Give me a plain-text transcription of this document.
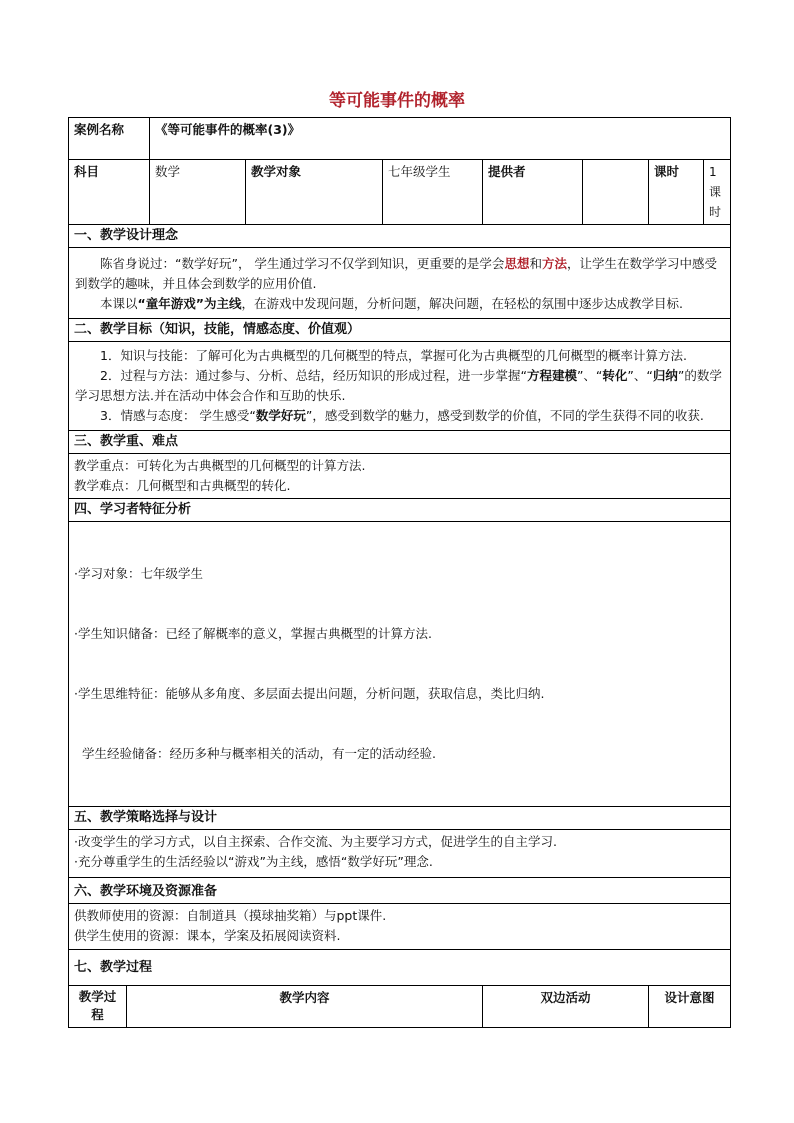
等可能事件的概率
案例名称		《等可能事件的概率(3)》						
科目		数学	教学对象	七年级学生	提供者		课时	1课时
一、教学设计理念								

陈省身说过：“数学好玩”， 学生通过学习不仅学到知识，更重要的是学会思想和方法，让学生在数学学习中感受到数学的趣味，并且体会到数学的应用价值.

本课以“童年游戏”为主线，在游戏中发现问题，分析问题，解决问题，在轻松的氛围中逐步达成教学目标.								

二、教学目标（知识，技能，情感态度、价值观）								

1．知识与技能：了解可化为古典概型的几何概型的特点，掌握可化为古典概型的几何概型的概率计算方法.

2．过程与方法：通过参与、分析、总结，经历知识的形成过程，进一步掌握“方程建模”、“转化”、“归纳”的数学学习思想方法.并在活动中体会合作和互助的快乐.

3．情感与态度： 学生感受“数学好玩”，感受到数学的魅力，感受到数学的价值，不同的学生获得不同的收获.								

三、教学重、难点								

教学重点：可转化为古典概型的几何概型的计算方法.
教学难点：几何概型和古典概型的转化.								

四、学习者特征分析								

·学习对象：七年级学生

·学生知识储备：已经了解概率的意义，掌握古典概型的计算方法.

·学生思维特征：能够从多角度、多层面去提出问题，分析问题，获取信息，类比归纳.

学生经验储备：经历多种与概率相关的活动，有一定的活动经验.								

五、教学策略选择与设计								

·改变学生的学习方式，以自主探索、合作交流、为主要学习方式，促进学生的自主学习.
·充分尊重学生的生活经验以“游戏”为主线，感悟“数学好玩”理念.								

六、教学环境及资源准备								

供教师使用的资源：自制道具（摸球抽奖箱）与ppt课件.
供学生使用的资源：课本，学案及拓展阅读资料.								

七、教学过程								
教学过程	教学内容				双边活动		设计意图	
